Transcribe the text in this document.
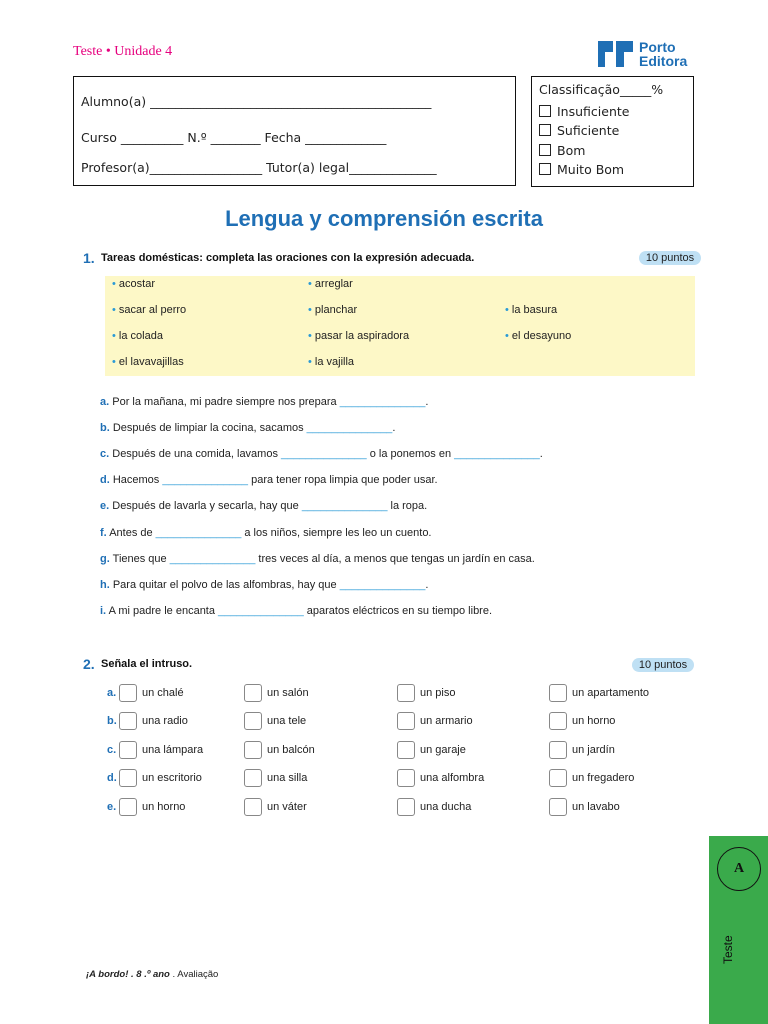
Teste • Unidade 4	Porto
Editora
Alumno(a) _____________________________________________
Curso __________ N.º ________ Fecha _____________
Profesor(a)__________________ Tutor(a) legal______________
Classificação_____%
Insuficiente
Suficiente
Bom
Muito Bom
Lengua y comprensión escrita
1. Tareas domésticas: completa las oraciones con la expresión adecuada.	10 puntos
• acostar	• arreglar
• sacar al perro	• planchar	• la basura
• la colada	• pasar la aspiradora	• el desayuno
• el lavavajillas	• la vajilla
a. Por la mañana, mi padre siempre nos prepara ______________.
b. Después de limpiar la cocina, sacamos ______________.
c. Después de una comida, lavamos ______________ o la ponemos en ______________.
d. Hacemos ______________ para tener ropa limpia que poder usar.
e. Después de lavarla y secarla, hay que ______________ la ropa.
f. Antes de ______________ a los niños, siempre les leo un cuento.
g. Tienes que ______________ tres veces al día, a menos que tengas un jardín en casa.
h. Para quitar el polvo de las alfombras, hay que ______________.
i. A mi padre le encanta ______________ aparatos eléctricos en su tiempo libre.
2. Señala el intruso.	10 puntos
a.	un chalé	un salón	un piso	un apartamento
b.	una radio	una tele	un armario	un horno
c.	una lámpara	un balcón	un garaje	un jardín
d.	un escritorio	una silla	una alfombra	un fregadero
e.	un horno	un váter	una ducha	un lavabo
A
Teste
¡A bordo! . 8 .º ano . Avaliação
